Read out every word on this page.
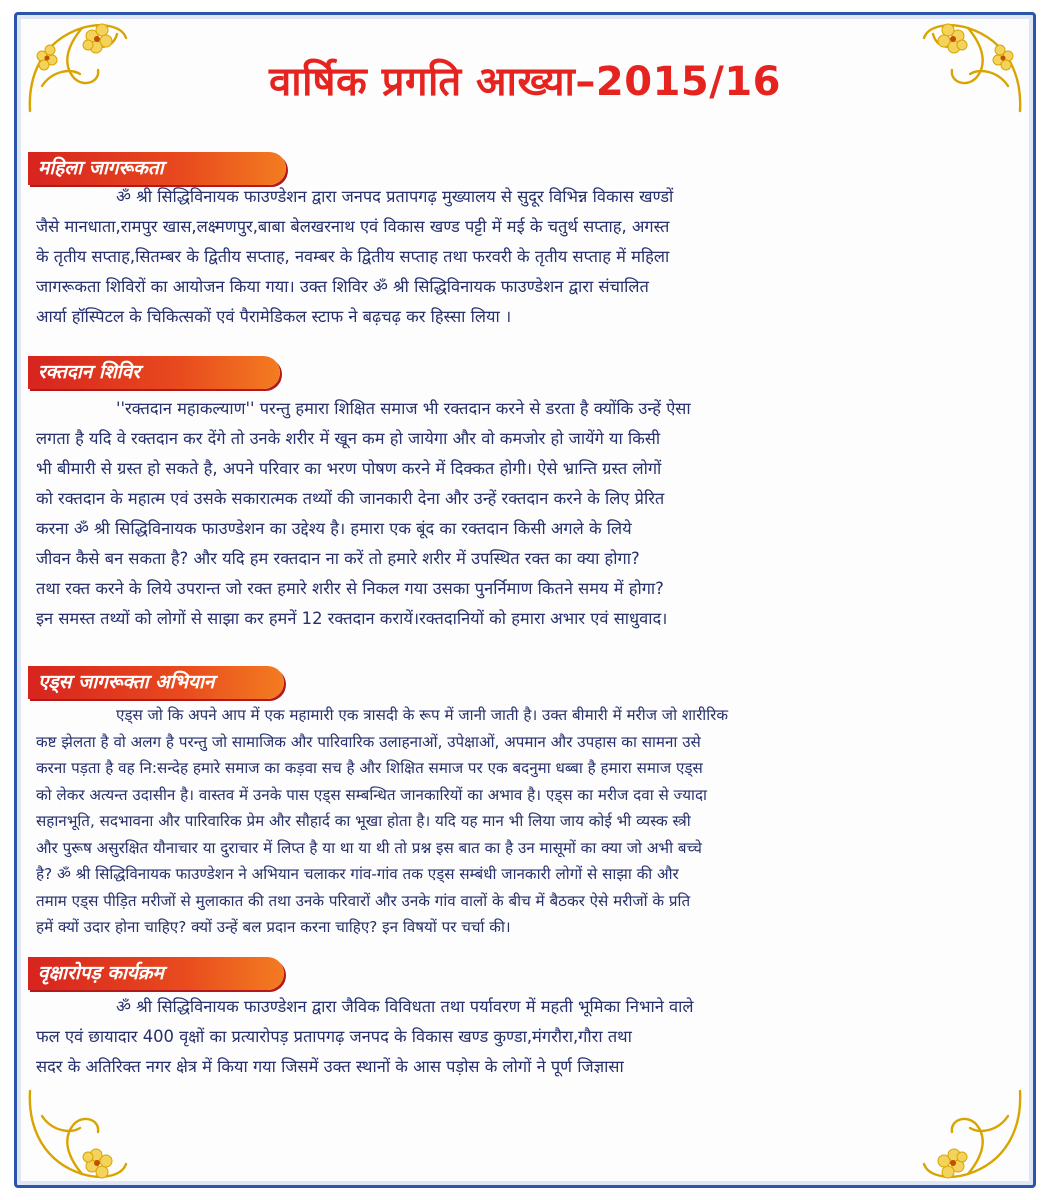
वार्षिक प्रगति आख्या–2015/16
महिला जागरूकता
ॐ श्री सिद्धिविनायक फाउण्डेशन द्वारा जनपद प्रतापगढ़ मुख्यालय से सुदूर विभिन्न विकास खण्डों
जैसे मानधाता,रामपुर खास,लक्ष्मणपुर,बाबा बेलखरनाथ एवं विकास खण्ड पट्टी में मई के चतुर्थ सप्ताह, अगस्त
के तृतीय सप्ताह,सितम्बर के द्वितीय सप्ताह, नवम्बर के द्वितीय सप्ताह तथा फरवरी के तृतीय सप्ताह में महिला
जागरूकता शिविरों का आयोजन किया गया। उक्त शिविर ॐ श्री सिद्धिविनायक फाउण्डेशन द्वारा संचालित
आर्या हॉस्पिटल के चिकित्सकों एवं पैरामेडिकल स्टाफ ने बढ़चढ़ कर हिस्सा लिया ।
रक्तदान शिविर
''रक्तदान महाकल्याण'' परन्तु हमारा शिक्षित समाज भी रक्तदान करने से डरता है क्योंकि उन्हें ऐसा
लगता है यदि वे रक्तदान कर देंगे तो उनके शरीर में खून कम हो जायेगा और वो कमजोर हो जायेंगे या किसी
भी बीमारी से ग्रस्त हो सकते है, अपने परिवार का भरण पोषण करने में दिक्कत होगी। ऐसे भ्रान्ति ग्रस्त लोगों
को रक्तदान के महात्म एवं उसके सकारात्मक तथ्यों की जानकारी देना और उन्हें रक्तदान करने के लिए प्रेरित
करना ॐ श्री सिद्धिविनायक फाउण्डेशन का उद्देश्य है। हमारा एक बूंद का रक्तदान किसी अगले के लिये
जीवन कैसे बन सकता है? और यदि हम रक्तदान ना करें तो हमारे शरीर में उपस्थित रक्त का क्या होगा?
तथा रक्त करने के लिये उपरान्त जो रक्त हमारे शरीर से निकल गया उसका पुनर्निमाण कितने समय में होगा?
इन समस्त तथ्यों को लोगों से साझा कर हमनें 12 रक्तदान करायें।रक्तदानियों को हमारा अभार एवं साधुवाद।
एड्स जागरूक्ता अभियान
एड्स जो कि अपने आप में एक महामारी एक त्रासदी के रूप में जानी जाती है। उक्त बीमारी में मरीज जो शारीरिक
कष्ट झेलता है वो अलग है परन्तु जो सामाजिक और पारिवारिक उलाहनाओं, उपेक्षाओं, अपमान और उपहास का सामना उसे
करना पड़ता है वह नि:सन्देह हमारे समाज का कड़वा सच है और शिक्षित समाज पर एक बदनुमा धब्बा है हमारा समाज एड्स
को लेकर अत्यन्त उदासीन है। वास्तव में उनके पास एड्स सम्बन्धित जानकारियों का अभाव है। एड्स का मरीज दवा से ज्यादा
सहानभूति, सदभावना और पारिवारिक प्रेम और सौहार्द का भूखा होता है। यदि यह मान भी लिया जाय कोई भी व्यस्क स्त्री
और पुरूष असुरक्षित यौनाचार या दुराचार में लिप्त है या था या थी तो प्रश्न इस बात का है उन मासूमों का क्या जो अभी बच्चे
है? ॐ श्री सिद्धिविनायक फाउण्डेशन ने अभियान चलाकर गांव-गांव तक एड्स सम्बंधी जानकारी लोगों से साझा की और
तमाम एड्स पीड़ित मरीजों से मुलाकात की तथा उनके परिवारों और उनके गांव वालों के बीच में बैठकर ऐसे मरीजों के प्रति
हमें क्यों उदार होना चाहिए? क्यों उन्हें बल प्रदान करना चाहिए? इन विषयों पर चर्चा की।
वृक्षारोपड़ कार्यक्रम
ॐ श्री सिद्धिविनायक फाउण्डेशन द्वारा जैविक विविधता तथा पर्यावरण में महती भूमिका निभाने वाले
फल एवं छायादार 400 वृक्षों का प्रत्यारोपड़ प्रतापगढ़ जनपद के विकास खण्ड कुण्डा,मंगरौरा,गौरा तथा
सदर के अतिरिक्त नगर क्षेत्र में किया गया जिसमें उक्त स्थानों के आस पड़ोस के लोगों ने पूर्ण जिज्ञासा
